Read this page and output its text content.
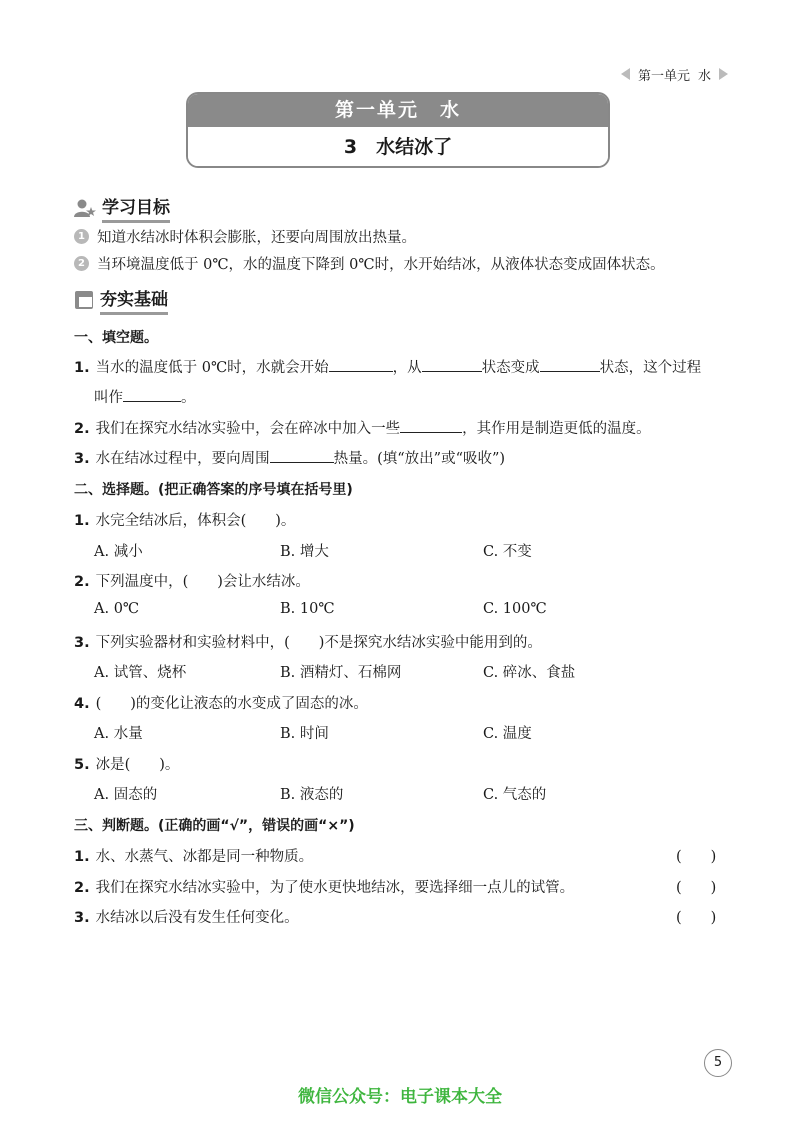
第一单元 水
第一单元　水
3　水结冰了
学习目标
1 知道水结冰时体积会膨胀，还要向周围放出热量。
2 当环境温度低于 0℃，水的温度下降到 0℃时，水开始结冰，从液体状态变成固体状态。
夯实基础
一、填空题。
1. 当水的温度低于 0℃时，水就会开始	，从	状态变成	状态，这个过程
叫作	。
2. 我们在探究水结冰实验中，会在碎冰中加入一些	，其作用是制造更低的温度。
3. 水在结冰过程中，要向周围	热量。(填“放出”或“吸收”)
二、选择题。(把正确答案的序号填在括号里)
1. 水完全结冰后，体积会(　　)。
A. 减小	B. 增大	C. 不变
2. 下列温度中，(　　)会让水结冰。
A. 0℃	B. 10℃	C. 100℃
3. 下列实验器材和实验材料中，(　　)不是探究水结冰实验中能用到的。
A. 试管、烧杯	B. 酒精灯、石棉网	C. 碎冰、食盐
4. (　　)的变化让液态的水变成了固态的冰。
A. 水量	B. 时间	C. 温度
5. 冰是(　　)。
A. 固态的	B. 液态的	C. 气态的
三、判断题。(正确的画“√”，错误的画“×”)
1. 水、水蒸气、冰都是同一种物质。	(　　)
2. 我们在探究水结冰实验中，为了使水更快地结冰，要选择细一点儿的试管。	(　　)
3. 水结冰以后没有发生任何变化。	(　　)
5
微信公众号：电子课本大全
